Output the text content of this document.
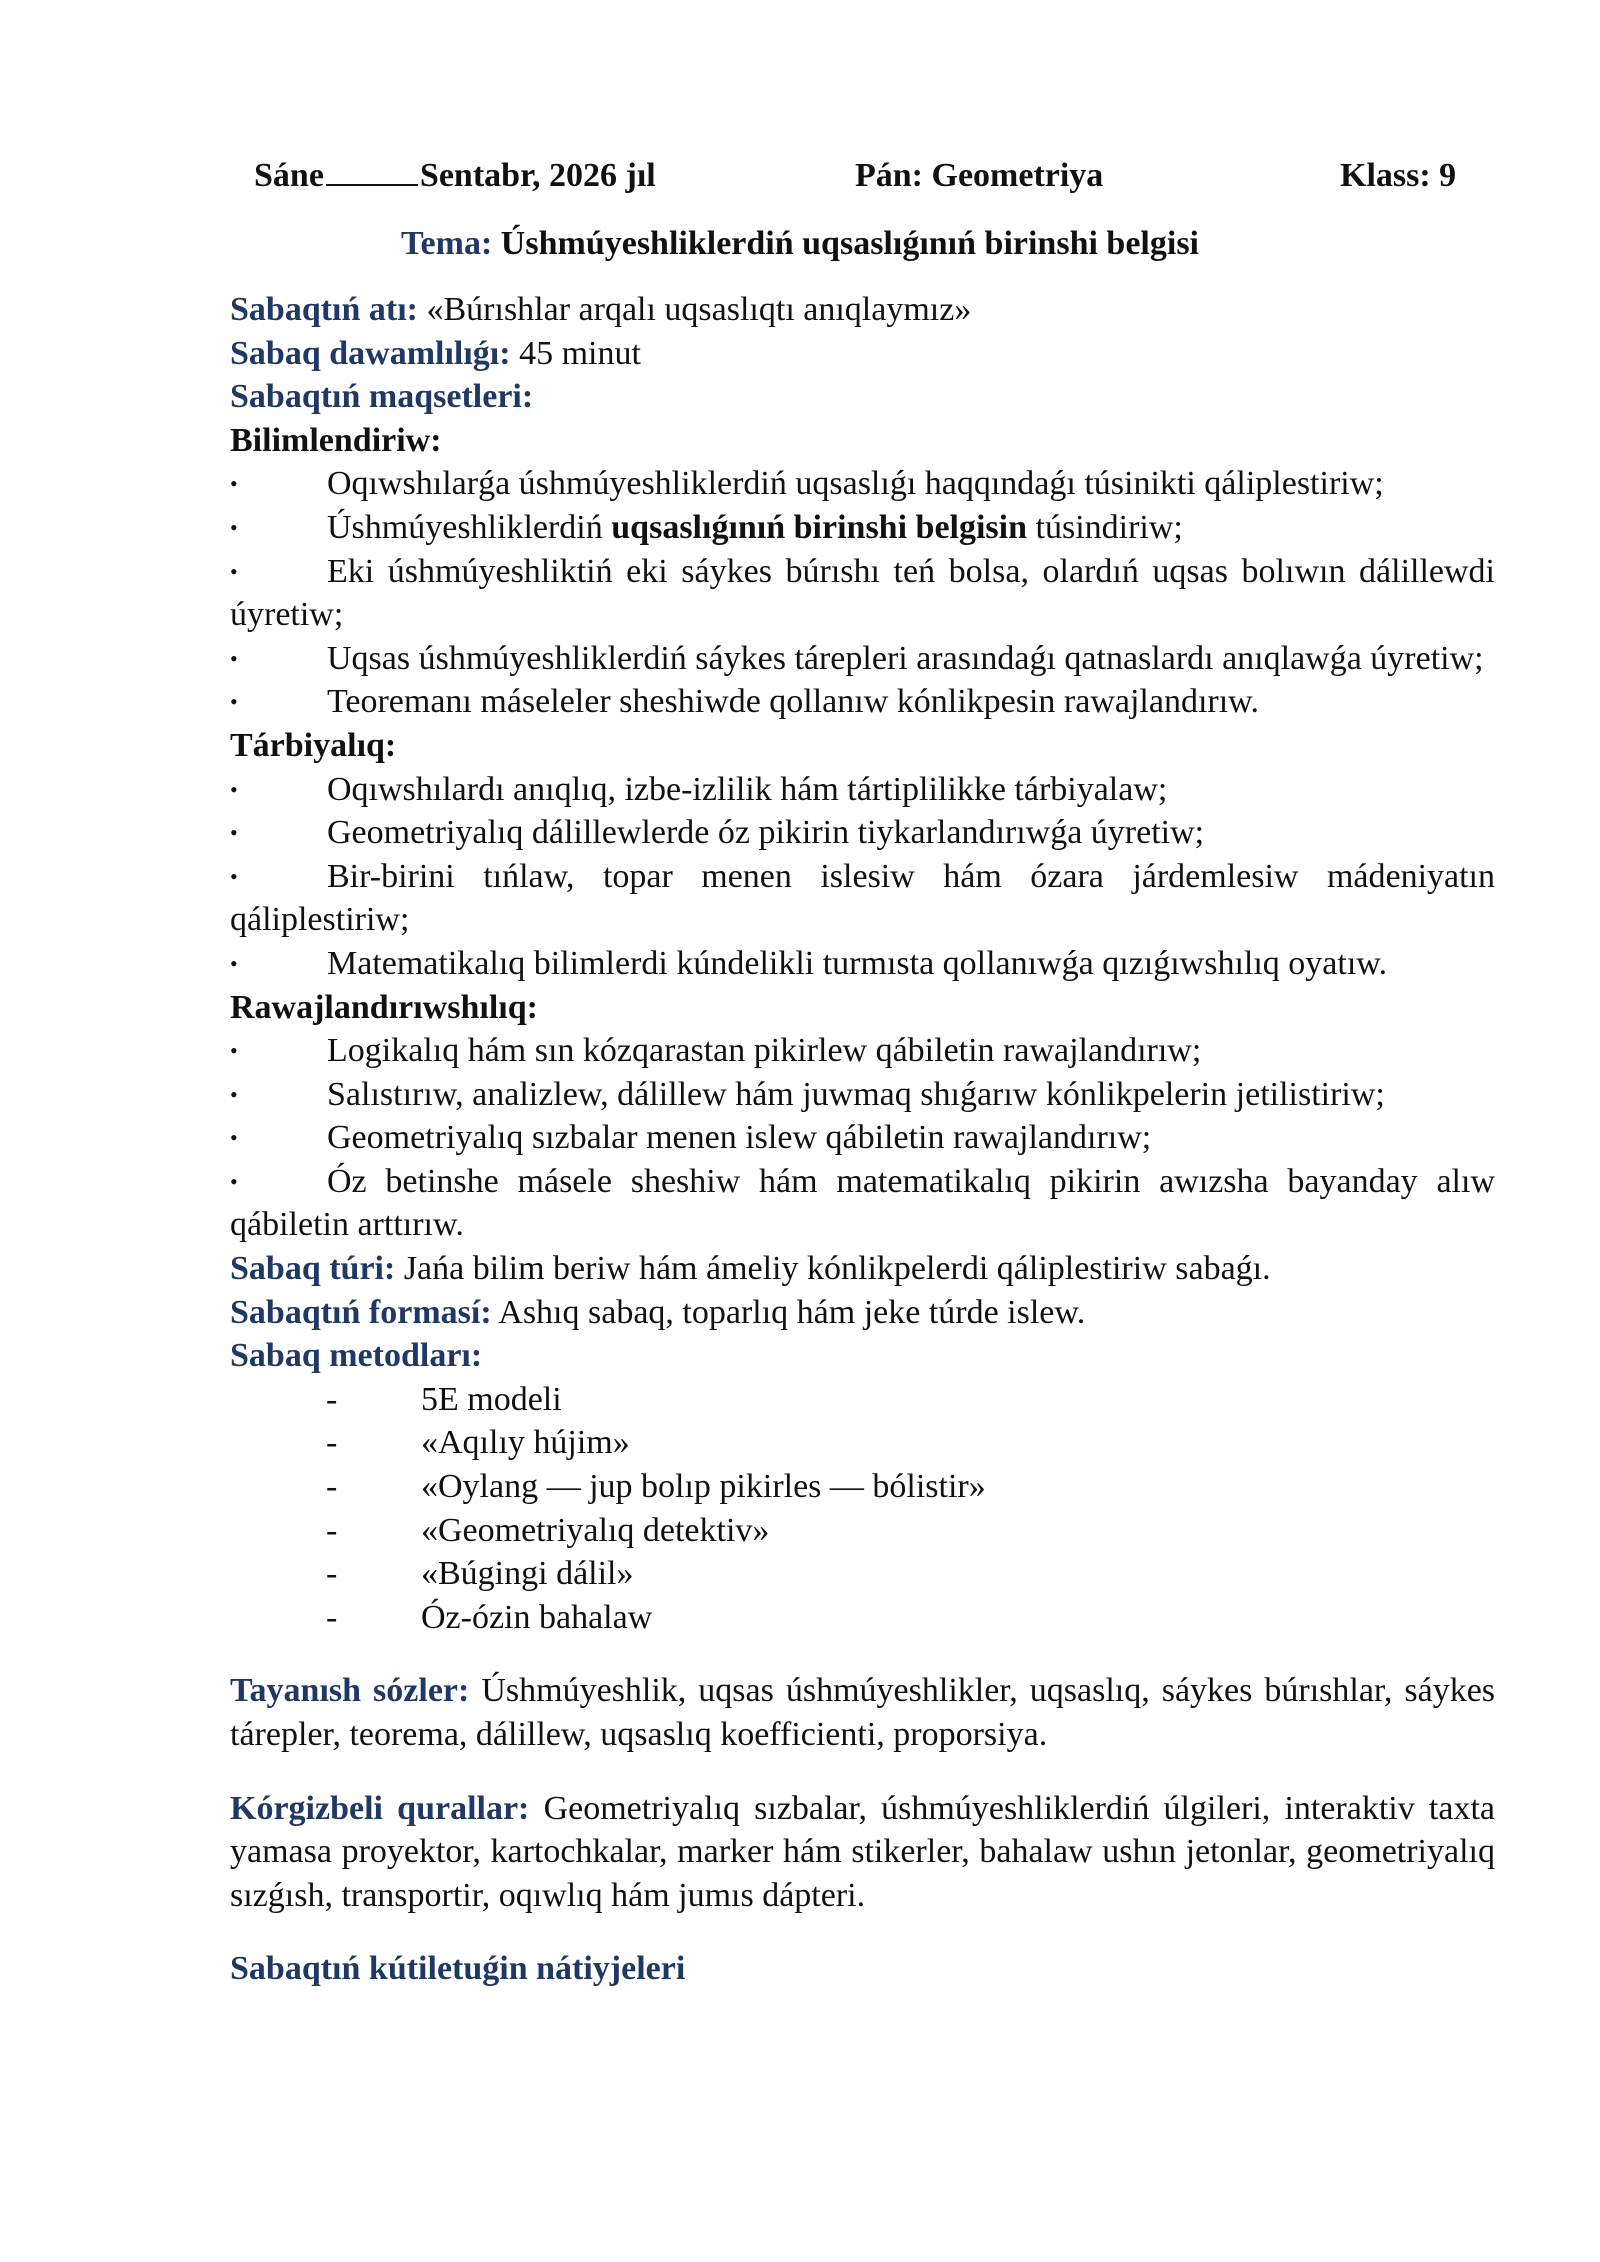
Sáne	Sentabr, 2026 jıl	Pán: Geometriya	Klass: 9
Tema: Úshmúyeshliklerdiń uqsaslıǵınıń birinshi belgisi

Sabaqtıń atı: «Búrıshlar arqalı uqsaslıqtı anıqlaymız»

Sabaq dawamlılıǵı: 45 minut

Sabaqtıń maqsetleri:

Bilimlendiriw:

• Oqıwshılarǵa úshmúyeshliklerdiń uqsaslıǵı haqqındaǵı túsinikti qáliplestiriw;
• Úshmúyeshliklerdiń uqsaslıǵınıń birinshi belgisin túsindiriw;
• Eki úshmúyeshliktiń eki sáykes búrıshı teń bolsa, olardıń uqsas bolıwın dálillewdi úyretiw;
• Uqsas úshmúyeshliklerdiń sáykes tárepleri arasındaǵı qatnaslardı anıqlawǵa úyretiw;
• Teoremanı máseleler sheshiwde qollanıw kónlikpesin rawajlandırıw.

Tárbiyalıq:

• Oqıwshılardı anıqlıq, izbe-izlilik hám tártiplilikke tárbiyalaw;
• Geometriyalıq dálillewlerde óz pikirin tiykarlandırıwǵa úyretiw;
• Bir-birini tıńlaw, topar menen islesiw hám ózara járdemlesiw mádeniyatın qáliplestiriw;
• Matematikalıq bilimlerdi kúndelikli turmısta qollanıwǵa qızıǵıwshılıq oyatıw.

Rawajlandırıwshılıq:

• Logikalıq hám sın kózqarastan pikirlew qábiletin rawajlandırıw;
• Salıstırıw, analizlew, dálillew hám juwmaq shıǵarıw kónlikpelerin jetilistiriw;
• Geometriyalıq sızbalar menen islew qábiletin rawajlandırıw;
• Óz betinshe másele sheshiw hám matematikalıq pikirin awızsha bayanday alıw qábiletin arttırıw.

Sabaq túri: Jańa bilim beriw hám ámeliy kónlikpelerdi qáliplestiriw sabaǵı.

Sabaqtıń formasí: Ashıq sabaq, toparlıq hám jeke túrde islew.

Sabaq metodları:

- 5E modeli
- «Aqılıy hújim»
- «Oylang — jup bolıp pikirles — bólistir»
- «Geometriyalıq detektiv»
- «Búgingi dálil»
- Óz-ózin bahalaw

Tayanısh sózler: Úshmúyeshlik, uqsas úshmúyeshlikler, uqsaslıq, sáykes búrıshlar, sáykes tárepler, teorema, dálillew, uqsaslıq koefficienti, proporsiya.

Kórgizbeli qurallar: Geometriyalıq sızbalar, úshmúyeshliklerdiń úlgileri, interaktiv taxta yamasa proyektor, kartochkalar, marker hám stikerler, bahalaw ushın jetonlar, geometriyalıq sızǵısh, transportir, oqıwlıq hám jumıs dápteri.

Sabaqtıń kútiletuǵin nátiyjeleri
